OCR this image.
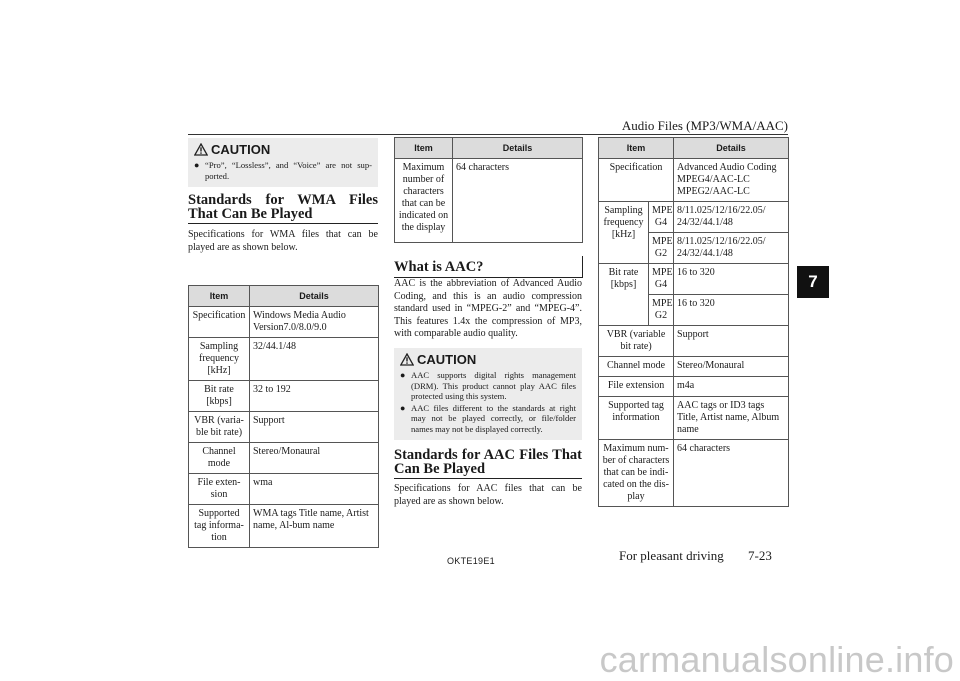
Audio Files (MP3/WMA/AAC)
7
CAUTION
● “Pro”, “Lossless”, and “Voice” are not sup-ported.
Standards for WMA Files That Can Be Played
Specifications for WMA files that can be played are as shown below.
Item	Details
Specification	Windows Media Audio Version7.0/8.0/9.0
Sampling frequency [kHz]	32/44.1/48
Bit rate [kbps]	32 to 192
VBR (varia-ble bit rate)	Support
Channel mode	Stereo/Monaural
File exten-sion	wma
Supported tag informa-tion	WMA tags Title name, Artist name, Al-bum name
Item	Details
Maximum number of characters that can be indicated on the display	64 characters
What is AAC?
AAC is the abbreviation of Advanced Audio Coding, and this is an audio compression standard used in “MPEG-2” and “MPEG-4”. This features 1.4x the compression of MP3, with comparable audio quality.
CAUTION
● AAC supports digital rights management (DRM). This product cannot play AAC files protected using this system.
● AAC files different to the standards at right may not be played correctly, or file/folder names may not be displayed correctly.
Standards for AAC Files That Can Be Played
Specifications for AAC files that can be played are as shown below.
Item		Details
Specification		Advanced Audio Coding MPEG4/AAC-LC MPEG2/AAC-LC
Sampling frequency [kHz]	MPE G4	8/11.025/12/16/22.05/ 24/32/44.1/48
	MPE G2	8/11.025/12/16/22.05/ 24/32/44.1/48
Bit rate [kbps]	MPE G4	16 to 320
	MPE G2	16 to 320
VBR (variable bit rate)		Support
Channel mode		Stereo/Monaural
File extension		m4a
Supported tag information		AAC tags or ID3 tags Title, Artist name, Album name
Maximum num-ber of characters that can be indi-cated on the dis-play		64 characters
OKTE19E1	For pleasant driving 7-23
carmanualsonline.info
